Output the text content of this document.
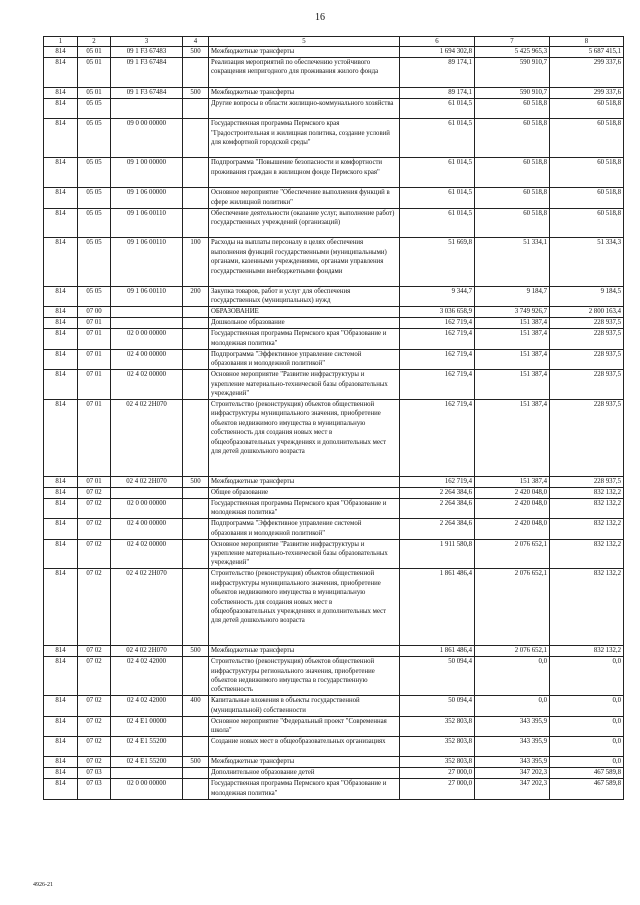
16
1	2	3	4	5	6	7	8
814	05 01	09 1 F3 67483	500	Межбюджетные трансферты	1 694 302,8	5 425 965,3	5 687 415,1
814	05 01	09 1 F3 67484		Реализация мероприятий по обеспечению устойчивого сокращения непригодного для проживания жилого фонда	89 174,1	590 910,7	299 337,6
814	05 01	09 1 F3 67484	500	Межбюджетные трансферты	89 174,1	590 910,7	299 337,6
814	05 05			Другие вопросы в области жилищно-коммунального хозяйства	61 014,5	60 518,8	60 518,8
814	05 05	09 0 00 00000		Государственная программа Пермского края "Градостроительная и жилищная политика, создание условий для комфортной городской среды"	61 014,5	60 518,8	60 518,8
814	05 05	09 1 00 00000		Подпрограмма "Повышение безопасности и комфортности проживания граждан в жилищном фонде Пермского края"	61 014,5	60 518,8	60 518,8
814	05 05	09 1 06 00000		Основное мероприятие "Обеспечение выполнения функций в сфере жилищной политики"	61 014,5	60 518,8	60 518,8
814	05 05	09 1 06 00110		Обеспечение деятельности (оказание услуг, выполнение работ) государственных учреждений (организаций)	61 014,5	60 518,8	60 518,8
814	05 05	09 1 06 00110	100	Расходы на выплаты персоналу в целях обеспечения выполнения функций государственными (муниципальными) органами, казенными учреждениями, органами управления государственными внебюджетными фондами	51 669,8	51 334,1	51 334,3
814	05 05	09 1 06 00110	200	Закупка товаров, работ и услуг для обеспечения государственных (муниципальных) нужд	9 344,7	9 184,7	9 184,5
814	07 00			ОБРАЗОВАНИЕ	3 036 658,9	3 749 926,7	2 800 163,4
814	07 01			Дошкольное образование	162 719,4	151 387,4	228 937,5
814	07 01	02 0 00 00000		Государственная программа Пермского края "Образование и молодежная политика"	162 719,4	151 387,4	228 937,5
814	07 01	02 4 00 00000		Подпрограмма "Эффективное управление системой образования и молодежной политикой"	162 719,4	151 387,4	228 937,5
814	07 01	02 4 02 00000		Основное мероприятие "Развитие инфраструктуры и укрепление материально-технической базы образовательных учреждений"	162 719,4	151 387,4	228 937,5
814	07 01	02 4 02 2Н070		Строительство (реконструкция) объектов общественной инфраструктуры муниципального значения, приобретение объектов недвижимого имущества в муниципальную собственность для создания новых мест в общеобразовательных учреждениях и дополнительных мест для детей дошкольного возраста	162 719,4	151 387,4	228 937,5
814	07 01	02 4 02 2Н070	500	Межбюджетные трансферты	162 719,4	151 387,4	228 937,5
814	07 02			Общее образование	2 264 384,6	2 420 048,0	832 132,2
814	07 02	02 0 00 00000		Государственная программа Пермского края "Образование и молодежная политика"	2 264 384,6	2 420 048,0	832 132,2
814	07 02	02 4 00 00000		Подпрограмма "Эффективное управление системой образования и молодежной политикой"	2 264 384,6	2 420 048,0	832 132,2
814	07 02	02 4 02 00000		Основное мероприятие "Развитие инфраструктуры и укрепление материально-технической базы образовательных учреждений"	1 911 580,8	2 076 652,1	832 132,2
814	07 02	02 4 02 2Н070		Строительство (реконструкция) объектов общественной инфраструктуры муниципального значения, приобретение объектов недвижимого имущества в муниципальную собственность для создания новых мест в общеобразовательных учреждениях и дополнительных мест для детей дошкольного возраста	1 861 486,4	2 076 652,1	832 132,2
814	07 02	02 4 02 2Н070	500	Межбюджетные трансферты	1 861 486,4	2 076 652,1	832 132,2
814	07 02	02 4 02 42000		Строительство (реконструкция) объектов общественной инфраструктуры регионального значения, приобретение объектов недвижимого имущества в государственную собственность	50 094,4	0,0	0,0
814	07 02	02 4 02 42000	400	Капитальные вложения в объекты государственной (муниципальной) собственности	50 094,4	0,0	0,0
814	07 02	02 4 E1 00000		Основное мероприятие "Федеральный проект "Современная школа"	352 803,8	343 395,9	0,0
814	07 02	02 4 E1 55200		Создание новых мест в общеобразовательных организациях	352 803,8	343 395,9	0,0
814	07 02	02 4 E1 55200	500	Межбюджетные трансферты	352 803,8	343 395,9	0,0
814	07 03			Дополнительное образование детей	27 000,0	347 202,3	467 589,8
814	07 03	02 0 00 00000		Государственная программа Пермского края "Образование и молодежная политика"	27 000,0	347 202,3	467 589,8
4926-21
